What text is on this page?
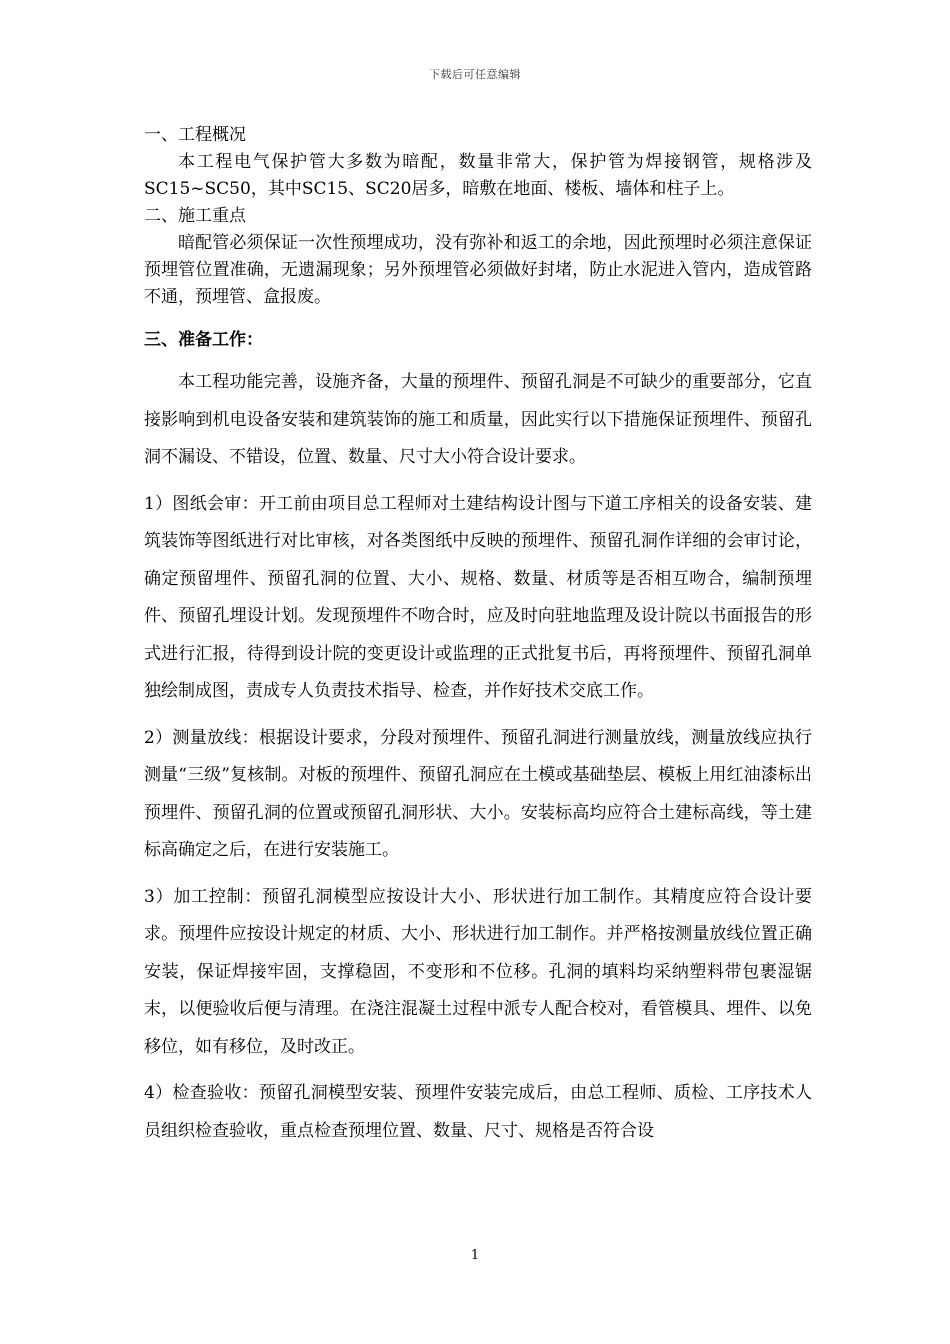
下载后可任意编辑

一、工程概况

本工程电气保护管大多数为暗配，数量非常大，保护管为焊接钢管，规格涉及SC15~SC50，其中SC15、SC20居多，暗敷在地面、楼板、墙体和柱子上。

二、施工重点

暗配管必须保证一次性预埋成功，没有弥补和返工的余地，因此预埋时必须注意保证预埋管位置准确，无遗漏现象；另外预埋管必须做好封堵，防止水泥进入管内，造成管路不通，预埋管、盒报废。

三、准备工作：

本工程功能完善，设施齐备，大量的预埋件、预留孔洞是不可缺少的重要部分，它直接影响到机电设备安装和建筑装饰的施工和质量，因此实行以下措施保证预埋件、预留孔洞不漏设、不错设，位置、数量、尺寸大小符合设计要求。

1）图纸会审：开工前由项目总工程师对土建结构设计图与下道工序相关的设备安装、建筑装饰等图纸进行对比审核，对各类图纸中反映的预埋件、预留孔洞作详细的会审讨论，确定预留埋件、预留孔洞的位置、大小、规格、数量、材质等是否相互吻合，编制预埋件、预留孔埋设计划。发现预埋件不吻合时，应及时向驻地监理及设计院以书面报告的形式进行汇报，待得到设计院的变更设计或监理的正式批复书后，再将预埋件、预留孔洞单独绘制成图，责成专人负责技术指导、检查，并作好技术交底工作。

2）测量放线：根据设计要求，分段对预埋件、预留孔洞进行测量放线，测量放线应执行测量“三级”复核制。对板的预埋件、预留孔洞应在土模或基础垫层、模板上用红油漆标出预埋件、预留孔洞的位置或预留孔洞形状、大小。安装标高均应符合土建标高线，等土建标高确定之后，在进行安装施工。

3）加工控制：预留孔洞模型应按设计大小、形状进行加工制作。其精度应符合设计要求。预埋件应按设计规定的材质、大小、形状进行加工制作。并严格按测量放线位置正确安装，保证焊接牢固，支撑稳固，不变形和不位移。孔洞的填料均采纳塑料带包裹湿锯末，以便验收后便与清理。在浇注混凝土过程中派专人配合校对，看管模具、埋件、以免移位，如有移位，及时改正。

4）检查验收：预留孔洞模型安装、预埋件安装完成后，由总工程师、质检、工序技术人员组织检查验收，重点检查预埋位置、数量、尺寸、规格是否符合设

1
